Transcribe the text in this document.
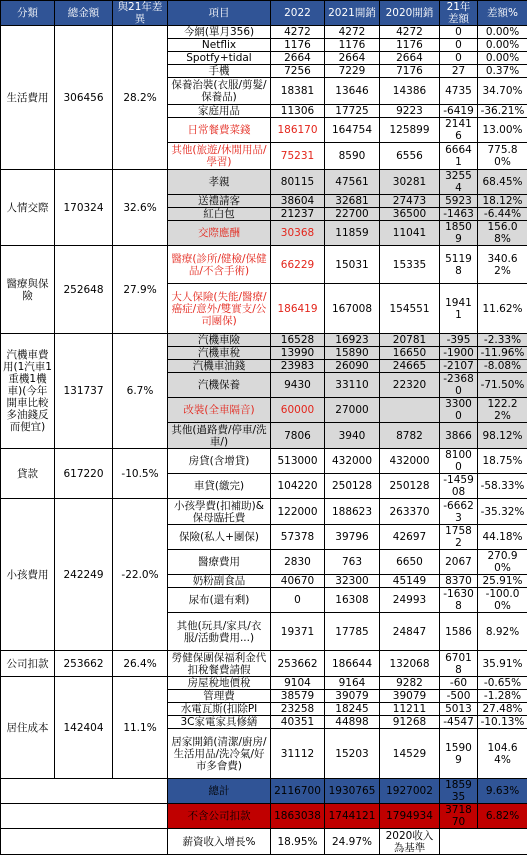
分類	總金額	與21年差異	項目	2022	2021開銷	2020開銷	21年差額	差額%
生活費用	306456	28.2%	今網(單月356)	4272	4272	4272	0	0.00%
			Netflix	1176	1176	1176	0	0.00%
			Spotfy+tidal	2664	2664	2664	0	0.00%
			手機	7256	7229	7176	27	0.37%
			保養治裝(衣服/剪髮/保養品)	18381	13646	14386	4735	34.70%
			家庭用品	11306	17725	9223	-6419	-36.21%
			日常餐費菜錢	186170	164754	125899	21416	13.00%
			其他(旅遊/休閒用品/學習)	75231	8590	6556	66641	775.80%
人情交際	170324	32.6%	孝親	80115	47561	30281	32554	68.45%
			送禮請客	38604	32681	27473	5923	18.12%
			紅白包	21237	22700	36500	-1463	-6.44%
			交際應酬	30368	11859	11041	18509	156.08%
醫療與保險	252648	27.9%	醫療(診所/健檢/保健品/不含手術)	66229	15031	15335	51198	340.62%
			大人保險(失能/醫療/癌症/意外/雙實支/公司團保)	186419	167008	154551	19411	11.62%
汽機車費用(1汽車1重機1機車)(今年開車比較多油錢反而便宜)	131737	6.7%	汽機車險	16528	16923	20781	-395	-2.33%
			汽機車稅	13990	15890	16650	-1900	-11.96%
			汽機車油錢	23983	26090	24665	-2107	-8.08%
			汽機保養	9430	33110	22320	-23680	-71.50%
			改裝(全車隔音)	60000	27000		33000	122.22%
			其他(過路費/停車/洗車/)	7806	3940	8782	3866	98.12%
貸款	617220	-10.5%	房貸(含增貸)	513000	432000	432000	81000	18.75%
			車貸(繳完)	104220	250128	250128	-145908	-58.33%
小孩費用	242249	-22.0%	小孩學費(扣補助)&保母臨托費	122000	188623	263370	-66623	-35.32%
			保險(私人+團保)	57378	39796	42697	17582	44.18%
			醫療費用	2830	763	6650	2067	270.90%
			奶粉副食品	40670	32300	45149	8370	25.91%
			尿布(還有剩)	0	16308	24993	-16308	-100.00%
			其他(玩具/家具/衣服/活動費用...)	19371	17785	24847	1586	8.92%
公司扣款	253662	26.4%	勞健保團保福利金代扣稅餐費請假	253662	186644	132068	67018	35.91%
居住成本	142404	11.1%	房屋稅地價稅	9104	9164	9282	-60	-0.65%
			管理費	38579	39079	39079	-500	-1.28%
			水電瓦斯(扣除PI	23258	18245	11211	5013	27.48%
			3C家電家具修繕	40351	44898	91268	-4547	-10.13%
			居家開銷(清潔/廚房/生活用品/洗冷氣/好市多會費)	31112	15203	14529	15909	104.64%
			總計	2116700	1930765	1927002	185935	9.63%
			不含公司扣款	1863038	1744121	1794934	371870	6.82%
			薪資收入增長%	18.95%	24.97%	2020收入為基準		
